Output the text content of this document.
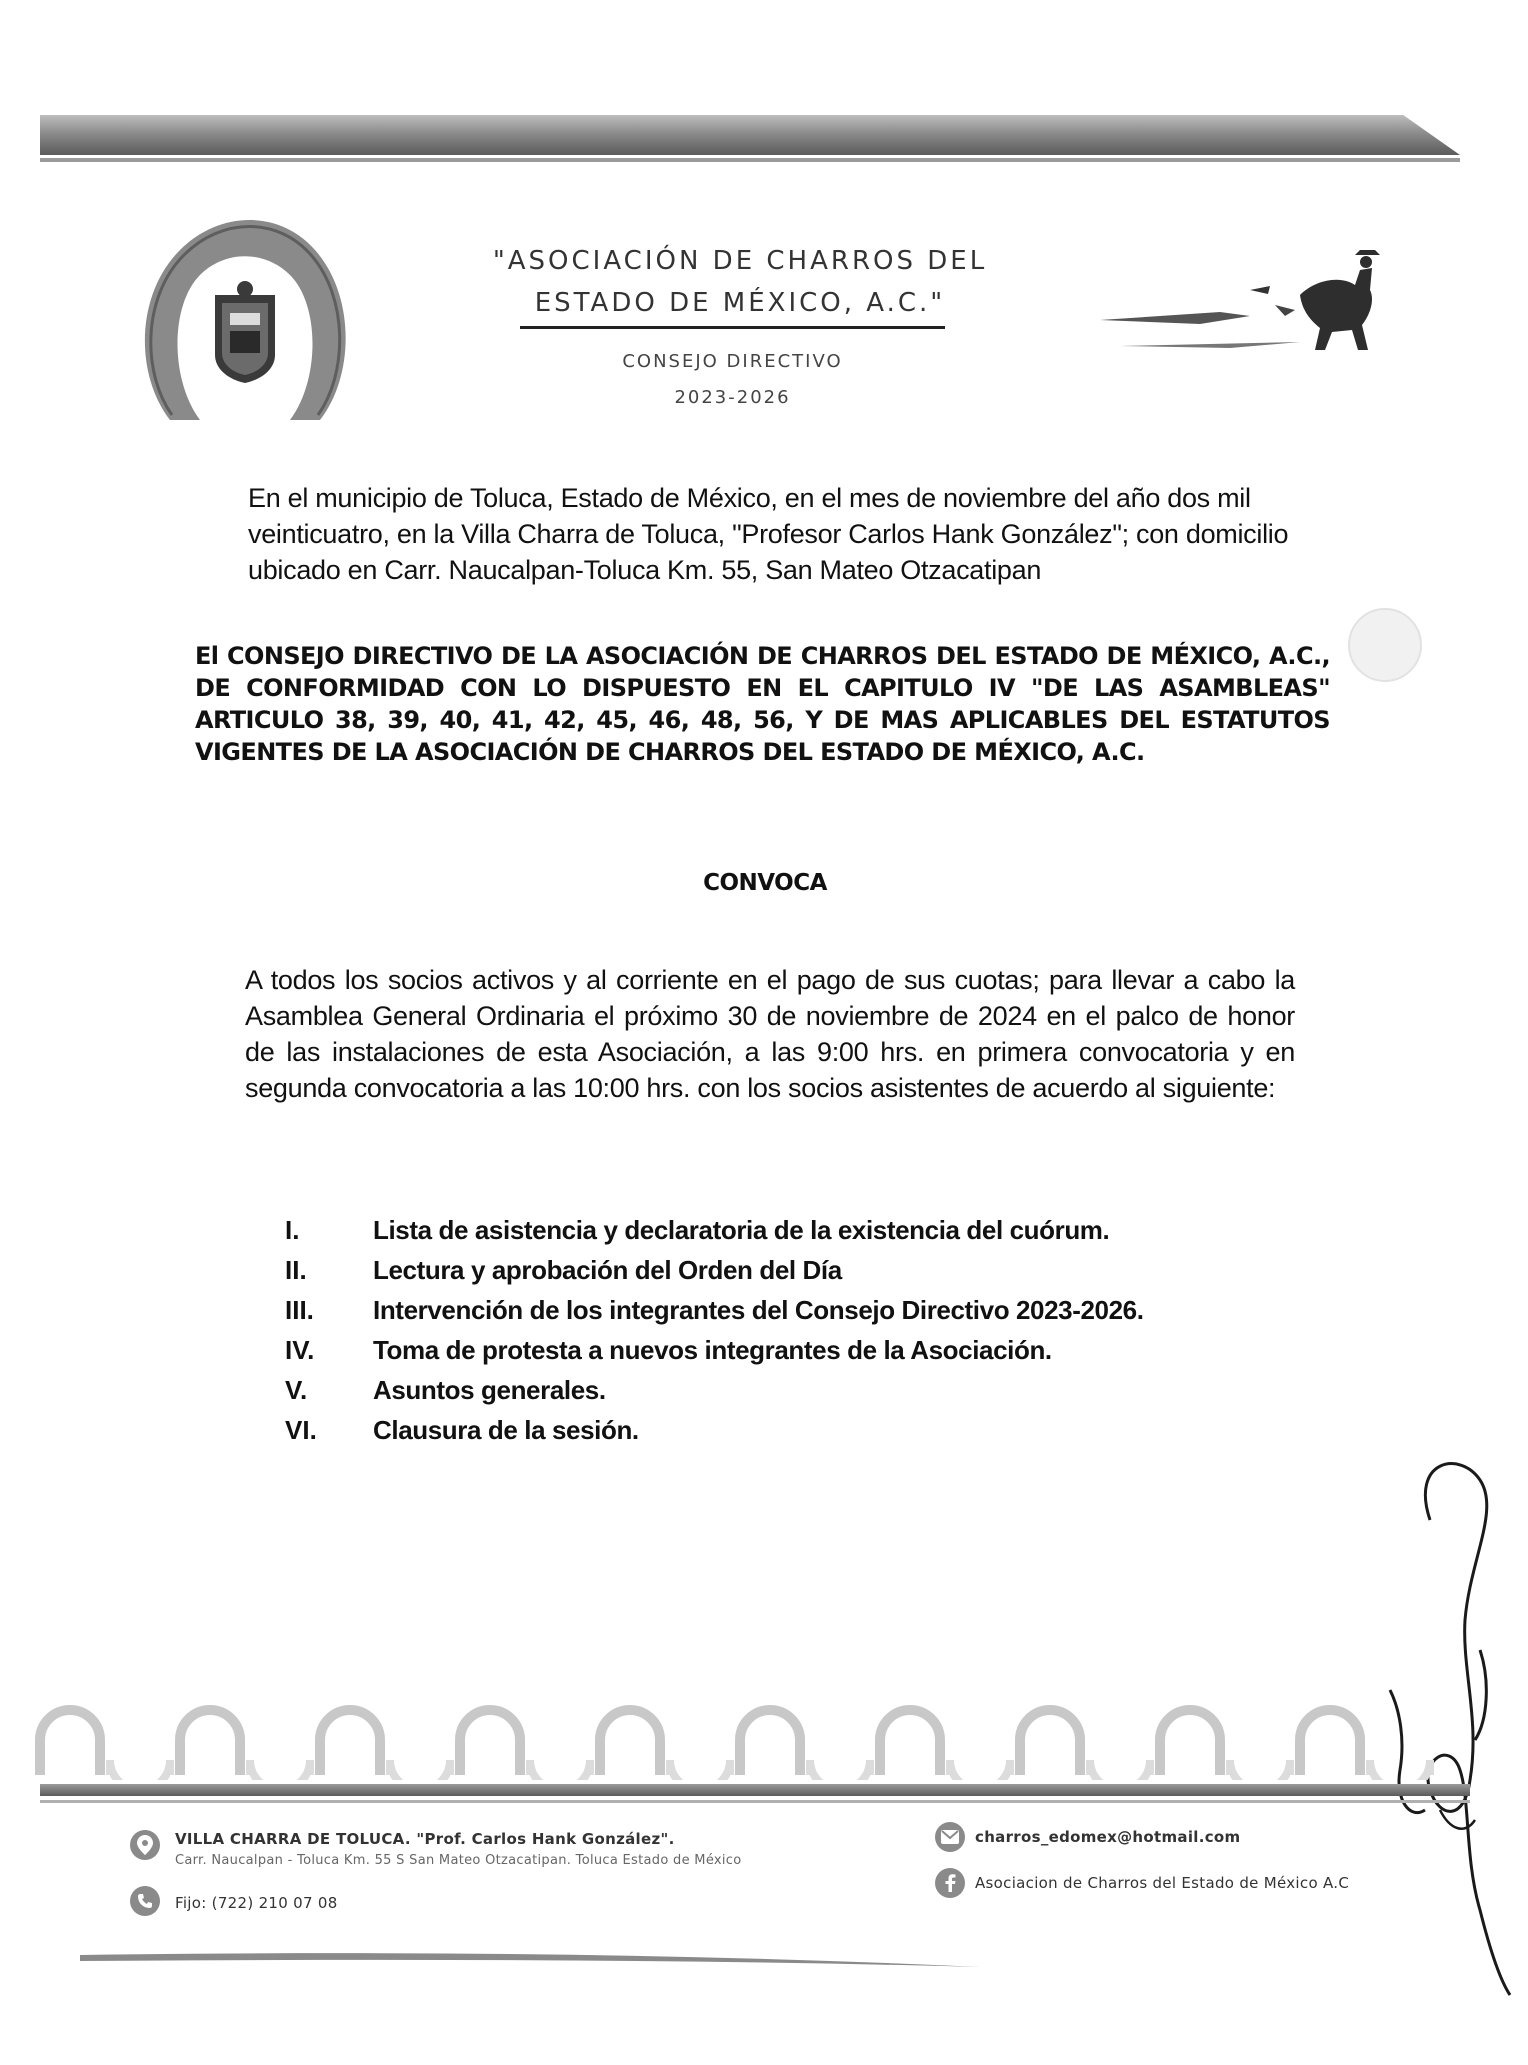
"ASOCIACIÓN DE CHARROS DEL
ESTADO DE MÉXICO, A.C."
CONSEJO DIRECTIVO
2023-2026
En el municipio de Toluca, Estado de México, en el mes de noviembre del año dos mil veinticuatro, en la Villa Charra de Toluca, "Profesor Carlos Hank González"; con domicilio ubicado en Carr. Naucalpan-Toluca Km. 55, San Mateo Otzacatipan
El CONSEJO DIRECTIVO DE LA ASOCIACIÓN DE CHARROS DEL ESTADO DE MÉXICO, A.C., DE CONFORMIDAD CON LO DISPUESTO EN EL CAPITULO IV "DE LAS ASAMBLEAS" ARTICULO 38, 39, 40, 41, 42, 45, 46, 48, 56, Y DE MAS APLICABLES DEL ESTATUTOS VIGENTES DE LA ASOCIACIÓN DE CHARROS DEL ESTADO DE MÉXICO, A.C.
CONVOCA
A todos los socios activos y al corriente en el pago de sus cuotas; para llevar a cabo la Asamblea General Ordinaria el próximo 30 de noviembre de 2024 en el palco de honor de las instalaciones de esta Asociación, a las 9:00 hrs. en primera convocatoria y en segunda convocatoria a las 10:00 hrs. con los socios asistentes de acuerdo al siguiente:
I.	Lista de asistencia y declaratoria de la existencia del cuórum.
II.	Lectura y aprobación del Orden del Día
III.	Intervención de los integrantes del Consejo Directivo 2023-2026.
IV.	Toma de protesta a nuevos integrantes de la Asociación.
V.	Asuntos generales.
VI.	Clausura de la sesión.
VILLA CHARRA DE TOLUCA. "Prof. Carlos Hank González".
Carr. Naucalpan - Toluca Km. 55 S San Mateo Otzacatipan. Toluca Estado de México
Fijo: (722) 210 07 08
charros_edomex@hotmail.com
Asociacion de Charros del Estado de México A.C
